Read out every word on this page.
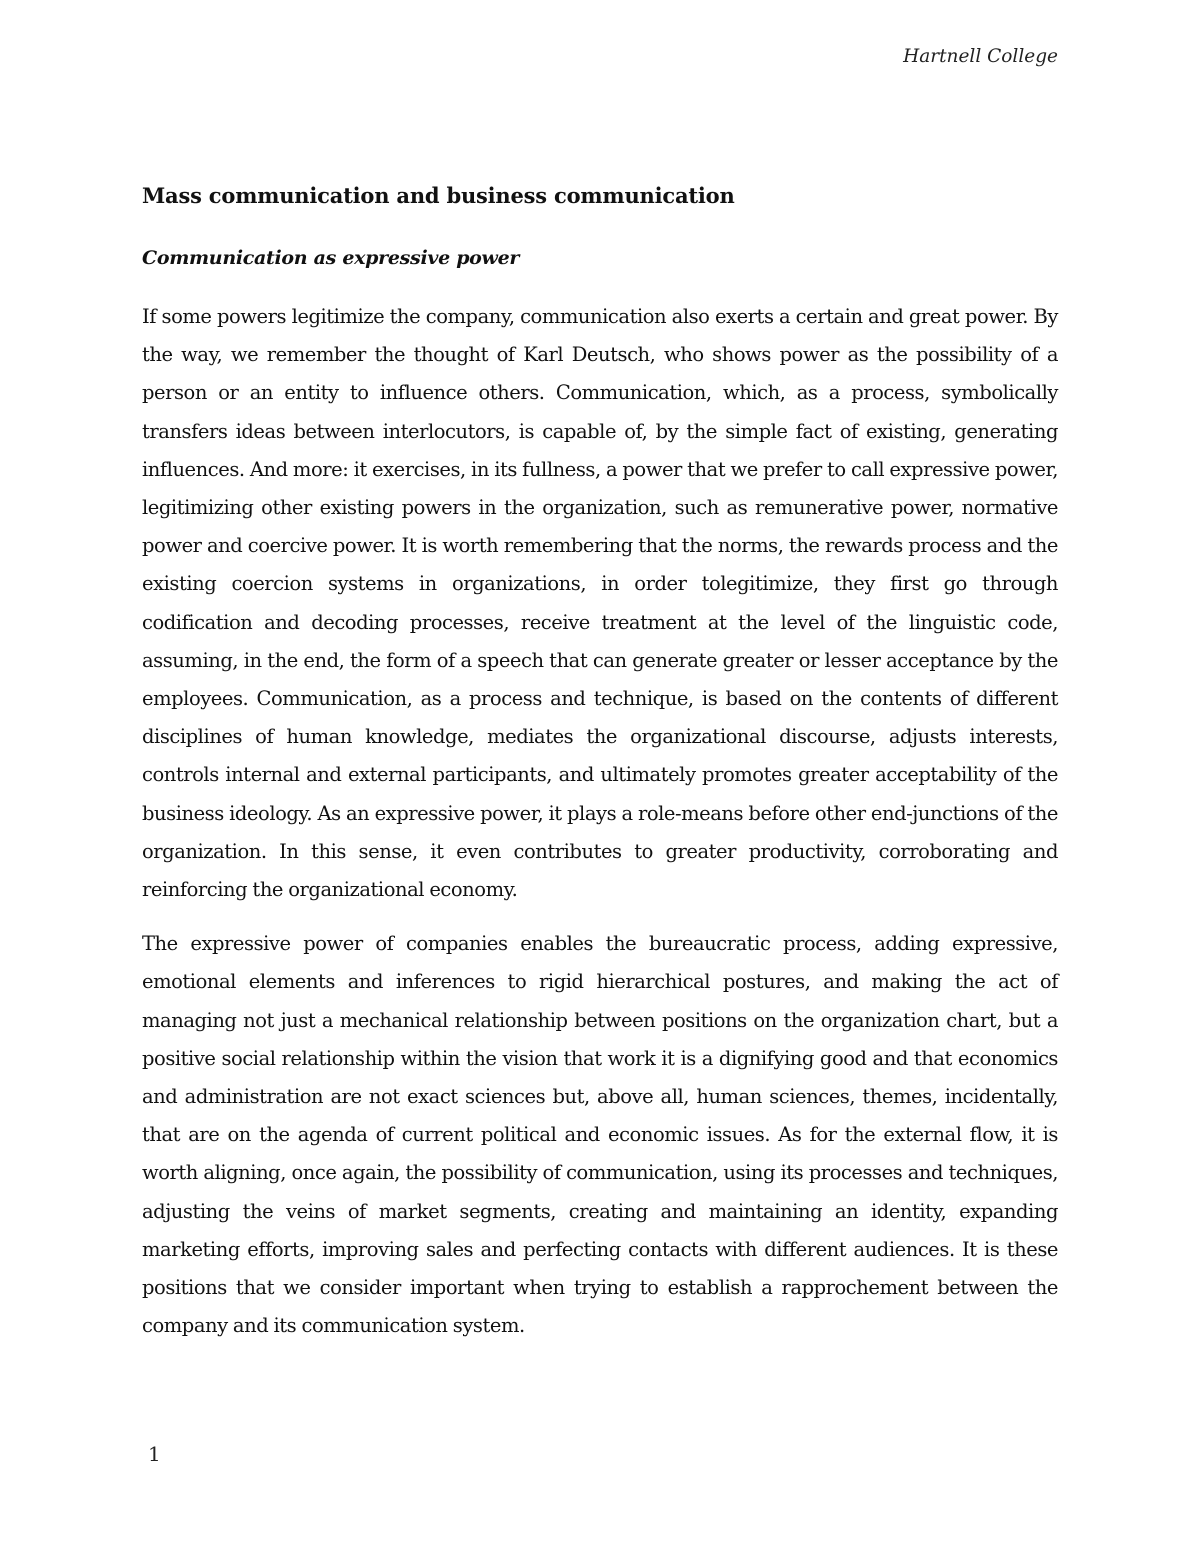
Hartnell College
Mass communication and business communication
Communication as expressive power

If some powers legitimize the company, communication also exerts a certain and great power. By the way, we remember the thought of Karl Deutsch, who shows power as the possibility of a person or an entity to influence others. Communication, which, as a process, symbolically transfers ideas between interlocutors, is capable of, by the simple fact of existing, generating influences. And more: it exercises, in its fullness, a power that we prefer to call expressive power, legitimizing other existing powers in the organization, such as remunerative power, normative power and coercive power. It is worth remembering that the norms, the rewards process and the existing coercion systems in organizations, in order tolegitimize, they first go through codification and decoding processes, receive treatment at the level of the linguistic code, assuming, in the end, the form of a speech that can generate greater or lesser acceptance by the employees. Communication, as a process and technique, is based on the contents of different disciplines of human knowledge, mediates the organizational discourse, adjusts interests, controls internal and external participants, and ultimately promotes greater acceptability of the business ideology. As an expressive power, it plays a role-means before other end-junctions of the organization. In this sense, it even contributes to greater productivity, corroborating and reinforcing the organizational economy.

The expressive power of companies enables the bureaucratic process, adding expressive, emotional elements and inferences to rigid hierarchical postures, and making the act of managing not just a mechanical relationship between positions on the organization chart, but a positive social relationship within the vision that work it is a dignifying good and that economics and administration are not exact sciences but, above all, human sciences, themes, incidentally, that are on the agenda of current political and economic issues. As for the external flow, it is worth aligning, once again, the possibility of communication, using its processes and techniques, adjusting the veins of market segments, creating and maintaining an identity, expanding marketing efforts, improving sales and perfecting contacts with different audiences. It is these positions that we consider important when trying to establish a rapprochement between the company and its communication system.

1
